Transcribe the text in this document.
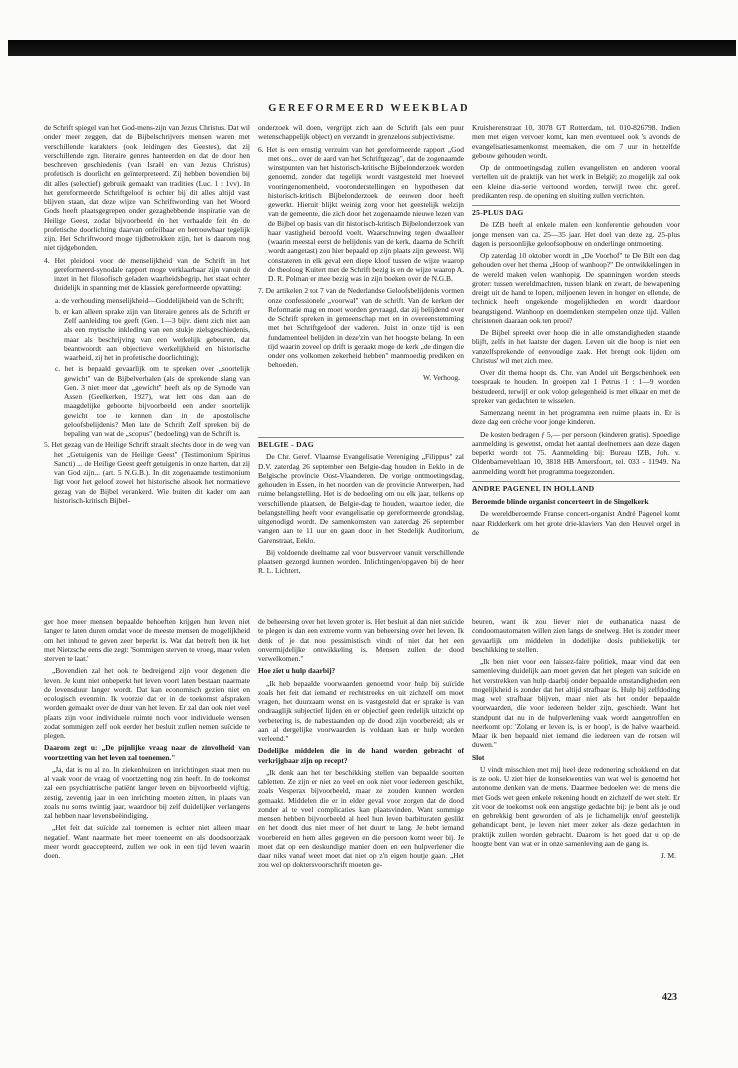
GEREFORMEERD WEEKBLAD

de Schrift spiegel van het God-mens-zijn van Jezus Christus. Dat wil onder meer zeggen, dat de Bijbelschrijvers mensen waren met verschillende karakters (ook leidingen des Geestes), dat zij verschillende zgn. literaire genres hanteerden en dat de door hen beschreven geschiedenis (van Israël en van Jezus Christus) profetisch is doorlicht en geïnterpreteerd. Zij hebben bovendien bij dit alles (selectief) gebruik gemaakt van tradities (Luc. 1 : 1vv). In het gereformeerde Schriftgeloof is echter bij dit alles altijd vast blijven staan, dat deze wijze van Schriftwording van het Woord Gods heeft plaatsgegrepen onder gezaghebbende inspiratie van de Heilige Geest, zodat bijvoorbeeld én het verhaalde feit én de profetische doorlichting daarvan onfeilbaar en betrouwbaar tegelijk zijn. Het Schriftwoord moge tijdbetrokken zijn, het is daarom nog niet tijdgebonden.

4. Het pleidooi voor de menselijkheid van de Schrift in het gereformeerd-synodale rapport moge verklaarbaar zijn vanuit de inzet in het filosofisch geladen waarheidsbegrip, het staat echter duidelijk in spanning met de klassiek gereformeerde opvatting:
a. de verhouding menselijkheid—Goddelijkheid van de Schrift;
b. er kan alleen sprake zijn van literaire genres als de Schrift er Zelf aanleiding toe geeft (Gen. 1—3 bijv. dient zich niet aan als een mytische inkleding van een stukje zielsgeschiedenis, maar als beschrijving van een werkelijk gebeuren, dat beantwoordt aan objectieve werkelijkheid en historische waarheid, zij het in profetische doorlichting);
c. het is bepaald gevaarlijk om te spreken over „soortelijk gewicht" van de Bijbelverhalen (als de sprekende slang van Gen. 3 niet meer dat „gewicht" heeft als op de Synode van Assen (Geelkerken, 1927), wat lett ons dan aan de maagdelijke geboorte bijvoorbeeld een ander soortelijk gewicht toe te kennen dan in de apostolische geloofsbelijdenis? Men late de Schrift Zelf spreken bij de bepaling van wat de „scopus" (bedoeling) van de Schrift is.
5. Het gezag van de Heilige Schrift straalt slechts door in de weg van het „Getuigenis van de Heilige Geest" (Testimonium Spiritus Sancti) ... de Heilige Geest geeft getuigenis in onze harten, dat zij van God zijn... (art. 5 N.G.B.). In dit zogenaamde testimonium ligt voor het geloof zowel het historische alsook het normatieve gezag van de Bijbel verankerd. Wie buiten dit kader om aan historisch-kritisch Bijbel-

onderzoek wil doen, vergrijpt zich aan de Schrift (als een puur wetenschappelijk object) en verzandt in grenzeloos subjectivisme.

6. Het is een ernstig verzuim van het gereformeerde rapport „God met ons... over de aard van het Schriftgezag", dat de zogenaamde winstpunten van het historisch-kritische Bijbelonderzoek worden genoemd, zonder dat tegelijk wordt vastgesteld met hoeveel vooringenomenheid, vooronderstellingen en hypothesen dat historisch-kritisch Bijbelonderzoek de eeuwen door heeft gewerkt. Hieruit blijkt weinig zorg voor het geestelijk welzijn van de gemeente, die zich door het zogenaamde nieuwe lezen van de Bijbel op basis van dit historisch-kritisch Bijbelonderzoek van haar vastigheid beroofd voelt. Waarschuwing tegen dwaalleer (waarin meestal eerst de belijdenis van de kerk, daarna de Schrift wordt aangetast) zou hier bepaald op zijn plaats zijn geweest. Wij constateren in elk geval een diepe kloof tussen de wijze waarop de theoloog Kuitert met de Schrift bezig is en de wijze waarop A. D. R. Polman er mee bezig was in zijn boeken over de N.G.B.
7. De artikelen 2 tot 7 van de Nederlandse Geloofsbelijdenis vormen onze confessionele „voorwal" van de schrift. Van de kerken der Reformatie mag en moet worden gevraagd, dat zij belijdend over de Schrift spreken in gemeenschap met en in overeenstemming met het Schriftgeloof der vaderen. Juist in onze tijd is een fundamenteel belijden in deze'zin van het hoogste belang. In een tijd waarin zoveel op drift is geraakt moge de kerk „de dingen die onder ons volkomen zekerheid hebben" manmoedig prediken en behoeden.

W. Verhoog.

BELGIE - DAG

De Chr. Geref. Vlaamse Evangelisatie Vereniging „Filippus" zal D.V. zaterdag 26 september een Belgie-dag houden in Eeklo in de Belgische provincie Oost-Vlaanderen. De vorige ontmoetingsdag, gehouden in Essen, in het noorden van de provincie Antwerpen, had ruime belangstelling. Het is de bedoeling om nu elk jaar, telkens op verschillende plaatsen, de Belgie-dag te houden, waartoe ieder, die belangstelling heeft voor evangelisatie op gereformeerde grondslag, uitgenodigd wordt. De samenkomsten van zaterdag 26 september vangen aan te 11 uur en gaan door in het Stedelijk Auditorium, Garenstraat, Eeklo.

Bij voldoende deelname zal voor busvervoer vanuit verschillende plaatsen gezorgd kunnen worden. Inlichtingen/opgaven bij de heer R. L. Lichtert,

Kruisherenstraat 10, 3078 GT Rotterdam, tel. 010-826798. Indien men met eigen vervoer komt, kan men eventueel ook 's avonds de evangelisatiesamenkomst meemaken, die om 7 uur in hetzelfde gebouw gehouden wordt.

Op de ontmoetingsdag zullen evangelisten en anderen vooral vertellen uit de praktijk van het werk in België; zo mogelijk zal ook een kleine dia-serie vertoond worden, terwijl twee chr. geref. predikanten resp. de opening en sluiting zullen verrichten.

25-PLUS DAG

De IZB heeft al enkele malen een konferentie gehouden voor jonge mensen van ca. 25—35 jaar. Het doel van deze zg. 25-plus dagen is persoonlijke geloofsopbouw en onderlinge ontmoeting.

Op zaterdag 10 oktober wordt in „De Voorhof" te De Bilt een dag gehouden over het thema „Hoop of wanhoop?" De ontwikkelingen in de wereld maken velen wanhopig. De spanningen worden steeds groter: tussen wereldmachten, tussen blank en zwart, de bewapening dreigt uit de hand te lopen, miljoenen leven in honger en ellende, de technick heeft ongekende mogelijkheden en wordt daardoor beangstigend. Wanhoop en doemdenken stempelen onze tijd. Vallen christenen daaraan ook ten prooi?

De Bijbel spreekt over hoop die in alle omstandigheden staande blijft, zelfs in het laatste der dagen. Leven uit die hoop is niet een vanzelfsprekende of eenvoudige zaak. Het brengt ook lijden om Christus' wil met zich mee.

Over dit thema hoopt ds. Chr. van Andel uit Bergschenhoek een toespraak te houden. In groepen zal 1 Petrus 1 : 1—9 worden bestudeerd, terwijl er ook volop gelegenheid is met elkaar en met de spreker van gedachten te wisselen.

Samenzang neemt in het programma een ruime plaats in. Er is deze dag een crèche voor jonge kinderen.

De kosten bedragen ƒ 5,— per persoon (kinderen gratis). Spoedige aanmelding is gewenst, omdat het aantal deelnemers aan deze dagen beperkt wordt tot 75. Aanmelding bij: Bureau IZB, Joh. v. Oldenbarneveltlaan 10, 3818 HB Amersfoort, tel. 033 - 11949. Na aanmelding wordt het programma toegezonden.

ANDRE PAGENEL IN HOLLAND
Beroemde blinde organist concerteert in de Singelkerk

De wereldberoemde Franse concert-organist André Pagenel komt naar Ridderkerk om het grote drie-klaviers Van den Heuvel orgel in de

ger hoe meer mensen bepaalde behoeften krijgen hun leven niet langer te laten duren omdat voor de meeste mensen de mogelijkheid om het inhoud te geven zeer beperkt is. Wat dat betreft ben ik het met Nietzsche eens die zegt: 'Sommigen sterven te vroeg, maar velen sterven te laat.'

„Bovendien zal het ook te bedreigend zijn voor degenen die leven. Je kunt niet onbeperkt het leven voort laten bestaan naarmate de levensduur langer wordt. Dat kan economisch gezien niet en ecologisch evenmin. Ik voorzie dat er in de toekomst afspraken worden gemaakt over de duur van het leven. Er zal dan ook niet veel plaats zijn voor individuele ruimte noch voor individuele wensen zodat sommigen zelf ook eerder het besluit zullen nemen suïcide te plegen.

Daarom zegt u: „De pijnlijke vraag naar de zinvolheid van voortzetting van het leven zal toenemen."

„Ja, dat is nu al zo. In ziekenhuizen en inrichtingen staat men nu al vaak voor de vraag of voortzetting nog zin heeft. In de toekomst zal een psychiatrische patiënt langer leven en bijvoorbeeld vijftig, zestig, zeventig jaar in een inrichting moeten zitten, in plaats van zoals nu soms twintig jaar, waardoor bij zelf duidelijker verlangens zal hebben naar levensbeëindiging.

„Het feit dat suïcide zal toenemen is echter niet alleen maar negatief. Want naarmate het meer toeneemt en als doodsoorzaak meer wordt geaccepteerd, zullen we ook in een tijd leven waarin doen.

de beheersing over het leven groter is. Het besluit al dan niet suïcide te plegen is dan een extreme vorm van beheersing over het leven. Ik denk of je dat nou pessimistisch vindt of niet dat het een onvermijdelijke ontwikkeling is. Mensen zullen de dood verwelkomen."

Hoe ziet u hulp daarbij?

„Ik heb bepaalde voorwaarden genoemd voor hulp bij suïcide zoals het feit dat iemand er rechtstreeks en uit zichzelf om moet vragen, het duurzaam wenst en is vastgesteld dat er sprake is van ondraaglijk subjectief lijden en er objectief geen redelijk uitzicht op verbetering is, de nabestaanden op de dood zijn voorbereid; als er aan al dergelijke voorwaarden is voldaan kan er hulp worden verleend."

Dodelijke middelen die in de hand worden gebracht of verkrijgbaar zijn op recept?

„Ik denk aan het ter beschikking stellen van bepaalde soorten tabletten. Ze zijn er niet zo veel en ook niet voor iedereen geschikt, zoals Vesperax bijvoorbeeld, maar ze zouden kunnen worden gemaakt. Middelen die er in elder geval voor zorgen dat de dood zonder al te veel complicaties kan plaatsvinden. Want sommige mensen hebben bijvoorbeeld al heel hun leven barbituraten geslikt en het doodt dus niet meer of het duurt te lang. Je hebt iemand voorbereid en hem alles gegeven en die persoon komt weer bij. Je moet dat op een deskundige manier doen en een hulpverlener die daar niks vanaf weet moet dat niet op z'n eigen houtje gaan. „Het zou wel op doktersvoorschrift moeten ge-

beuren, want ik zou liever niet de euthanatica naast de condoomautomaten willen zien langs de snelweg. Het is zonder meer gevaarlijk om middelen in dodelijke dosis publiekelijk ter beschikking te stellen.

„Ik ben niet voor een laissez-faire politiek, maar vind dat een samenleving duidelijk aan moet geven dat het plegen van suïcide en het verstrekken van hulp daarbij onder bepaalde omstandigheden een mogelijkheid is zonder dat het altijd strafbaar is. Hulp bij zelfdoding mag wel strafbaar blijven, maar niet als het onder bepaalde voorwaarden, die voor iedereen helder zijn, geschiedt. Want het standpunt dat nu in de hulpverlening vaak wordt aangetroffen en neerkomt op: 'Zolang er leven is, is er hoop', is de halve waarheid. Maar ik ben bepaald niet iemand die iedereen van de rotsen wil duwen."

Slot

U vindt misschien met mij heel deze redenering schokkend en dat is ze ook. U ziet hier de konsekwenties van wat wel is genoemd het autonome denken van de mens. Daarmee bedoelen we: de mens die met Gods wet geen enkele rekening houdt en zichzelf de wet stelt. Er zit voor de toekomst ook een angstige gedachte bij: je bent als je oud en gebrekkig bent geworden of als je lichamelijk en/of geestelijk gehandicapt bent, je leven niet meer zeker als deze gedachten in praktijk zullen worden gebracht. Daarom is het goed dat u op de hoogte bent van wat er in onze samenleving aan de gang is.

J. M.

423
